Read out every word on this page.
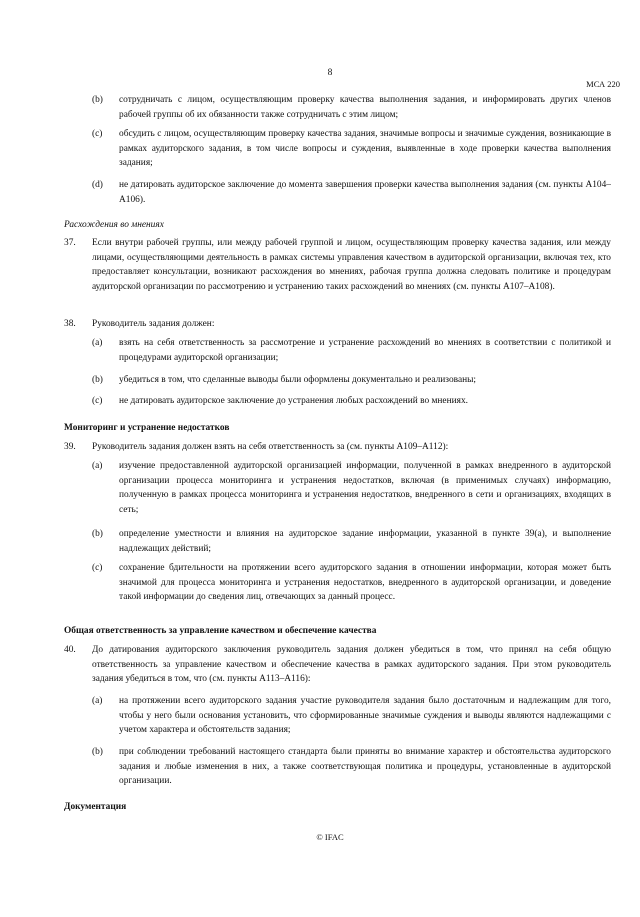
8
МСА 220
(b)	сотрудничать с лицом, осуществляющим проверку качества выполнения задания, и информировать других членов рабочей группы об их обязанности также сотрудничать с этим лицом;
(c)	обсудить с лицом, осуществляющим проверку качества задания, значимые вопросы и значимые суждения, возникающие в рамках аудиторского задания, в том числе вопросы и суждения, выявленные в ходе проверки качества выполнения задания;
(d)	не датировать аудиторское заключение до момента завершения проверки качества выполнения задания (см. пункты A104–A106).
Расхождения во мнениях
37.	Если внутри рабочей группы, или между рабочей группой и лицом, осуществляющим проверку качества задания, или между лицами, осуществляющими деятельность в рамках системы управления качеством в аудиторской организации, включая тех, кто предоставляет консультации, возникают расхождения во мнениях, рабочая группа должна следовать политике и процедурам аудиторской организации по рассмотрению и устранению таких расхождений во мнениях (см. пункты A107–A108).
38.	Руководитель задания должен:
(a)	взять на себя ответственность за рассмотрение и устранение расхождений во мнениях в соответствии с политикой и процедурами аудиторской организации;
(b)	убедиться в том, что сделанные выводы были оформлены документально и реализованы;
(c)	не датировать аудиторское заключение до устранения любых расхождений во мнениях.
Мониторинг и устранение недостатков
39.	Руководитель задания должен взять на себя ответственность за (см. пункты A109–A112):
(a)	изучение предоставленной аудиторской организацией информации, полученной в рамках внедренного в аудиторской организации процесса мониторинга и устранения недостатков, включая (в применимых случаях) информацию, полученную в рамках процесса мониторинга и устранения недостатков, внедренного в сети и организациях, входящих в сеть;
(b)	определение уместности и влияния на аудиторское задание информации, указанной в пункте 39(a), и выполнение надлежащих действий;
(c)	сохранение бдительности на протяжении всего аудиторского задания в отношении информации, которая может быть значимой для процесса мониторинга и устранения недостатков, внедренного в аудиторской организации, и доведение такой информации до сведения лиц, отвечающих за данный процесс.
Общая ответственность за управление качеством и обеспечение качества
40.	До датирования аудиторского заключения руководитель задания должен убедиться в том, что принял на себя общую ответственность за управление качеством и обеспечение качества в рамках аудиторского задания. При этом руководитель задания убедиться в том, что (см. пункты A113–A116):
(a)	на протяжении всего аудиторского задания участие руководителя задания было достаточным и надлежащим для того, чтобы у него были основания установить, что сформированные значимые суждения и выводы являются надлежащими с учетом характера и обстоятельств задания;
(b)	при соблюдении требований настоящего стандарта были приняты во внимание характер и обстоятельства аудиторского задания и любые изменения в них, а также соответствующая политика и процедуры, установленные в аудиторской организации.
Документация
© IFAC
